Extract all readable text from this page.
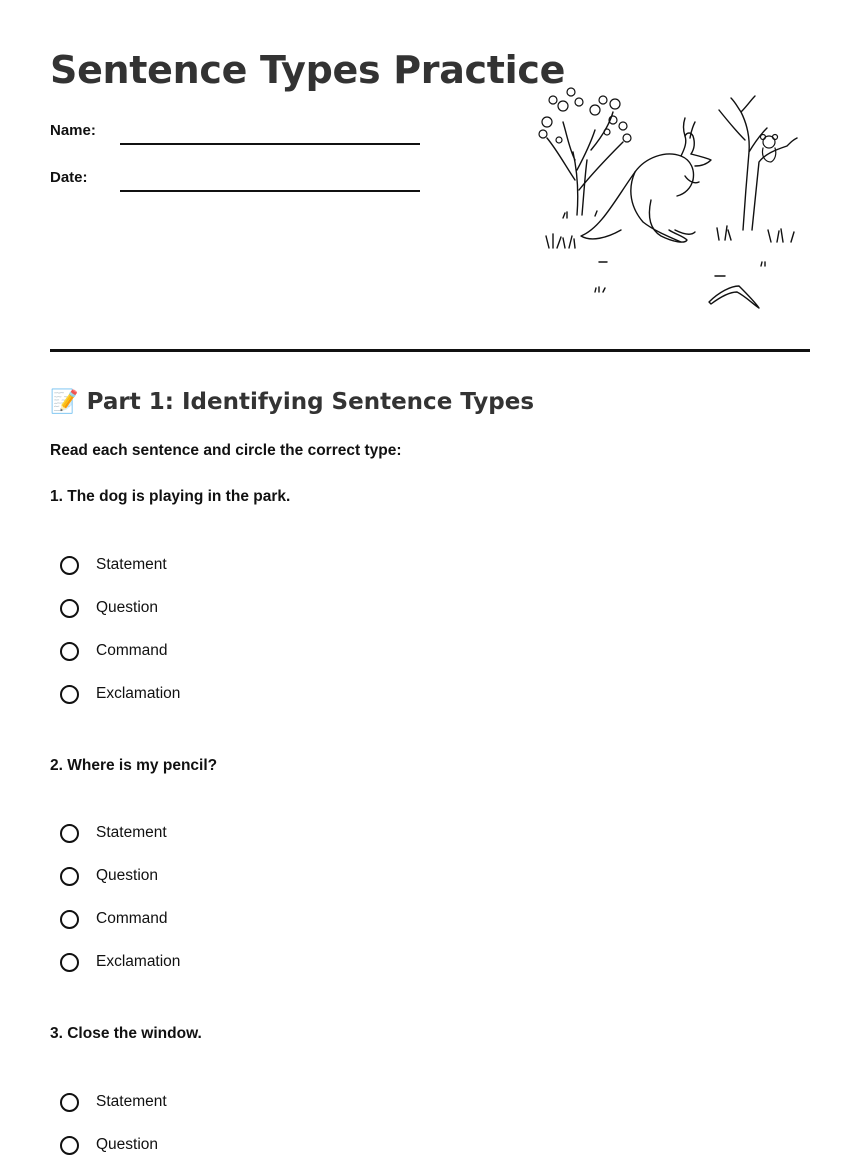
Sentence Types Practice
Name:
Date:
📝 Part 1: Identifying Sentence Types
Read each sentence and circle the correct type:
1. The dog is playing in the park.
Statement
Question
Command
Exclamation
2. Where is my pencil?
Statement
Question
Command
Exclamation
3. Close the window.
Statement
Question
